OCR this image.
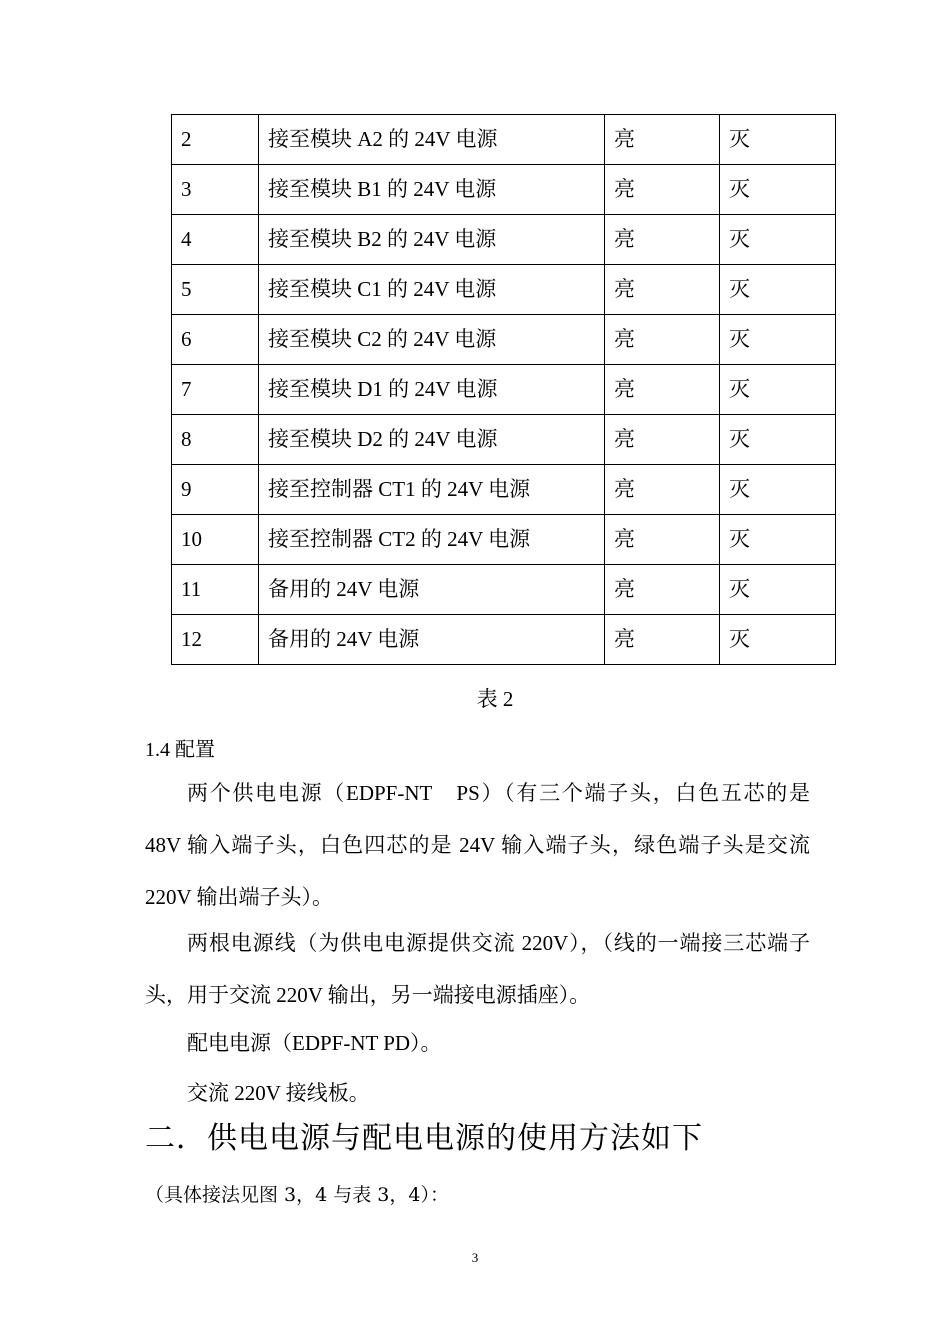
2	接至模块 A2 的 24V 电源	亮	灭
3	接至模块 B1 的 24V 电源	亮	灭
4	接至模块 B2 的 24V 电源	亮	灭
5	接至模块 C1 的 24V 电源	亮	灭
6	接至模块 C2 的 24V 电源	亮	灭
7	接至模块 D1 的 24V 电源	亮	灭
8	接至模块 D2 的 24V 电源	亮	灭
9	接至控制器 CT1 的 24V 电源	亮	灭
10	接至控制器 CT2 的 24V 电源	亮	灭
11	备用的 24V 电源	亮	灭
12	备用的 24V 电源	亮	灭
表 2
1.4 配置

两个供电电源（EDPF-NT　PS）（有三个端子头，白色五芯的是 48V 输入端子头，白色四芯的是 24V 输入端子头，绿色端子头是交流 220V 输出端子头）。

两根电源线（为供电电源提供交流 220V），（线的一端接三芯端子头，用于交流 220V 输出，另一端接电源插座）。

配电电源（EDPF-NT PD）。

交流 220V 接线板。

二．供电电源与配电电源的使用方法如下
（具体接法见图 3，4 与表 3，4）：
3
